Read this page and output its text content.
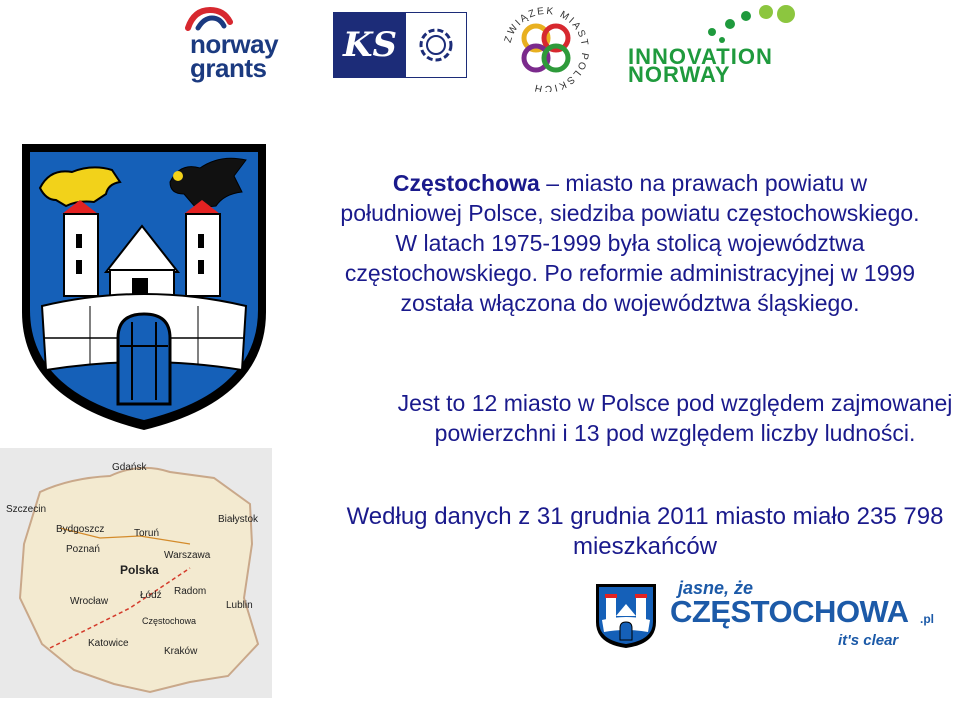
norway
grants
KS	ZWIĄZEK MIAST POLSKICH
INNOVATION
NORWAY
Gdańsk
Szczecin
Bydgoszcz	Toruń
Białystok
Poznań
Warszawa
Polska
Łódź Radom
Wrocław	Lublin
Częstochowa
Katowice
Kraków

Częstochowa – miasto na prawach powiatu w południowej Polsce, siedziba powiatu częstochowskiego. W latach 1975-1999 była stolicą województwa częstochowskiego. Po reformie administracyjnej w 1999 została włączona do województwa śląskiego.

Jest to 12 miasto w Polsce pod względem zajmowanej powierzchni i 13 pod względem liczby ludności.

Według danych z 31 grudnia 2011 miasto miało 235 798 mieszkańców

jasne, że
CZĘSTOCHOWA .pl
it's clear
